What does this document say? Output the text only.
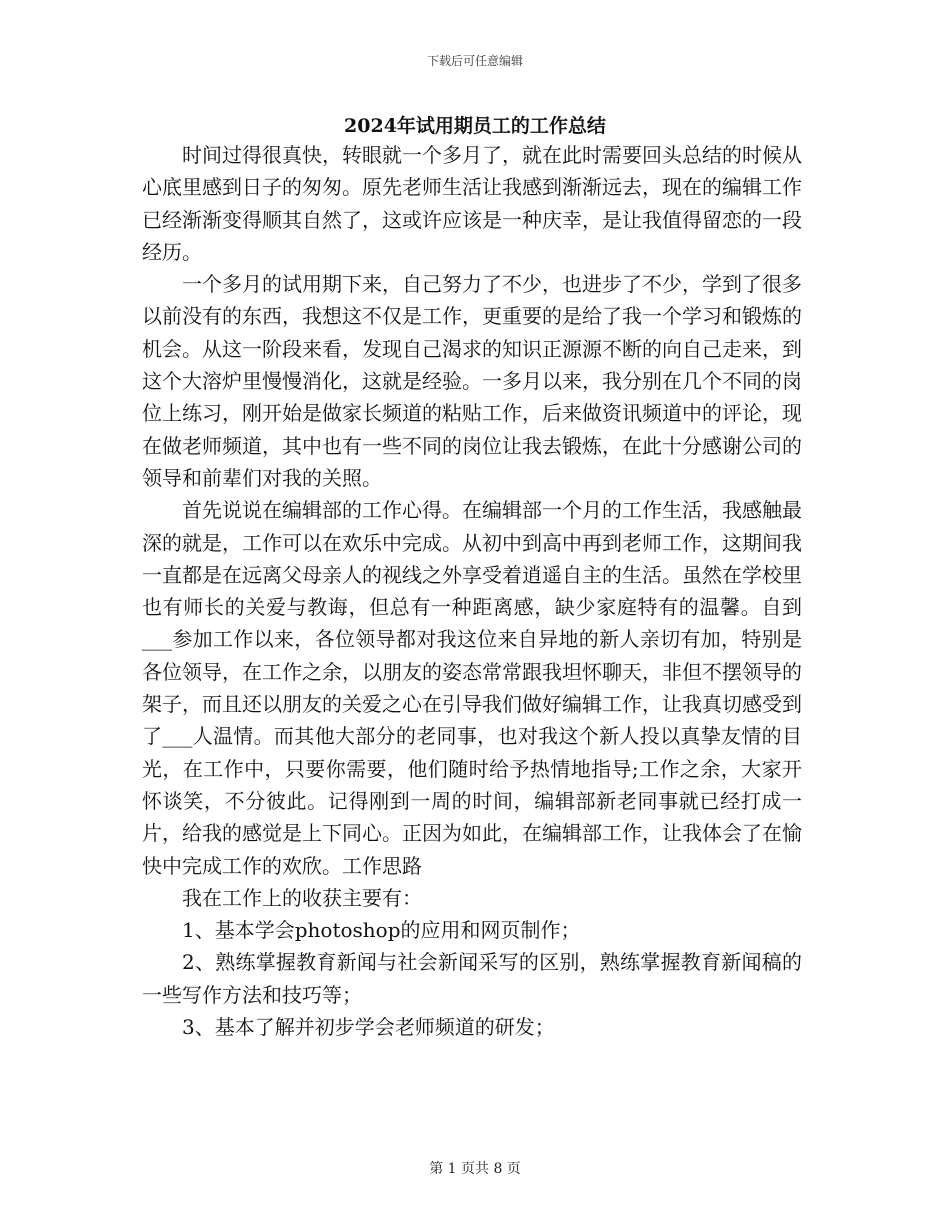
下载后可任意编辑
2024年试用期员工的工作总结

时间过得很真快，转眼就一个多月了，就在此时需要回头总结的时候从心底里感到日子的匆匆。原先老师生活让我感到渐渐远去，现在的编辑工作已经渐渐变得顺其自然了，这或许应该是一种庆幸，是让我值得留恋的一段经历。

一个多月的试用期下来，自己努力了不少，也进步了不少，学到了很多以前没有的东西，我想这不仅是工作，更重要的是给了我一个学习和锻炼的机会。从这一阶段来看，发现自己渴求的知识正源源不断的向自己走来，到这个大溶炉里慢慢消化，这就是经验。一多月以来，我分别在几个不同的岗位上练习，刚开始是做家长频道的粘贴工作，后来做资讯频道中的评论，现在做老师频道，其中也有一些不同的岗位让我去锻炼，在此十分感谢公司的领导和前辈们对我的关照。

首先说说在编辑部的工作心得。在编辑部一个月的工作生活，我感触最深的就是，工作可以在欢乐中完成。从初中到高中再到老师工作，这期间我一直都是在远离父母亲人的视线之外享受着逍遥自主的生活。虽然在学校里也有师长的关爱与教诲，但总有一种距离感，缺少家庭特有的温馨。自到___参加工作以来，各位领导都对我这位来自异地的新人亲切有加，特别是各位领导，在工作之余，以朋友的姿态常常跟我坦怀聊天，非但不摆领导的架子，而且还以朋友的关爱之心在引导我们做好编辑工作，让我真切感受到了___人温情。而其他大部分的老同事，也对我这个新人投以真挚友情的目光，在工作中，只要你需要，他们随时给予热情地指导;工作之余，大家开怀谈笑，不分彼此。记得刚到一周的时间，编辑部新老同事就已经打成一片，给我的感觉是上下同心。正因为如此，在编辑部工作，让我体会了在愉快中完成工作的欢欣。工作思路

我在工作上的收获主要有：

1、基本学会photoshop的应用和网页制作；

2、熟练掌握教育新闻与社会新闻采写的区别，熟练掌握教育新闻稿的一些写作方法和技巧等；

3、基本了解并初步学会老师频道的研发；

第 1 页共 8 页
